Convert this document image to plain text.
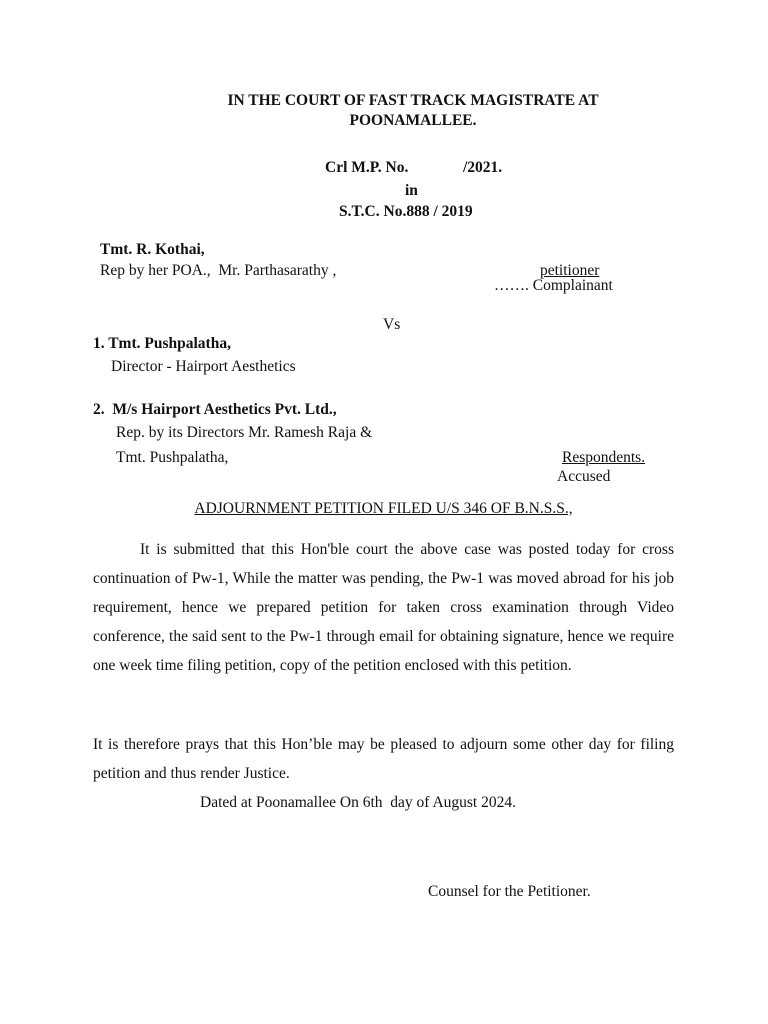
IN THE COURT OF FAST TRACK MAGISTRATE AT
POONAMALLEE.
Crl M.P. No.	/2021.
in
S.T.C. No.888 / 2019
Tmt. R. Kothai,
Rep by her POA.,  Mr. Parthasarathy ,	petitioner
……. Complainant
Vs
1. Tmt. Pushpalatha,
Director - Hairport Aesthetics
2.  M/s Hairport Aesthetics Pvt. Ltd.,
Rep. by its Directors Mr. Ramesh Raja &
Tmt. Pushpalatha,	Respondents.
Accused
ADJOURNMENT PETITION FILED U/S 346 OF B.N.S.S.,
It is submitted that this Hon'ble court the above case was posted today for cross continuation of Pw-1, While the matter was pending, the Pw-1 was moved abroad for his job requirement, hence we prepared petition for taken cross examination through Video conference, the said sent to the Pw-1 through email for obtaining signature, hence we require one week time filing petition, copy of the petition enclosed with this petition.
It is therefore prays that this Hon’ble may be pleased to adjourn some other day for filing petition and thus render Justice.
Dated at Poonamallee On 6th  day of August 2024.
Counsel for the Petitioner.
